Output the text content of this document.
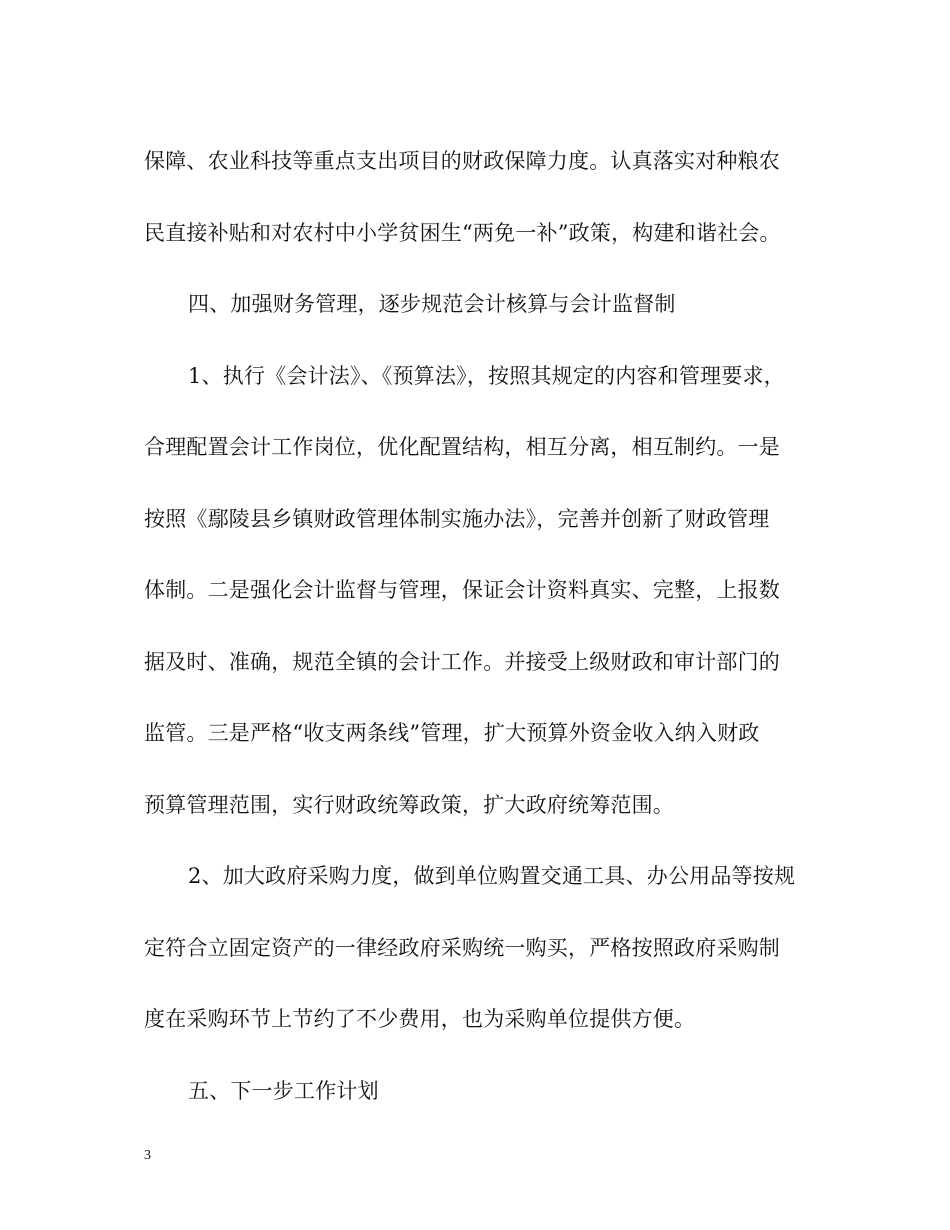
保障、农业科技等重点支出项目的财政保障力度。认真落实对种粮农
民直接补贴和对农村中小学贫困生“两免一补”政策，构建和谐社会。
四、加强财务管理，逐步规范会计核算与会计监督制
1、执行《会计法》、《预算法》，按照其规定的内容和管理要求，
合理配置会计工作岗位，优化配置结构，相互分离，相互制约。一是
按照《鄢陵县乡镇财政管理体制实施办法》，完善并创新了财政管理
体制。二是强化会计监督与管理，保证会计资料真实、完整，上报数
据及时、准确，规范全镇的会计工作。并接受上级财政和审计部门的
监管。三是严格“收支两条线”管理，扩大预算外资金收入纳入财政
预算管理范围，实行财政统筹政策，扩大政府统筹范围。
2、加大政府采购力度，做到单位购置交通工具、办公用品等按规
定符合立固定资产的一律经政府采购统一购买，严格按照政府采购制
度在采购环节上节约了不少费用，也为采购单位提供方便。
五、下一步工作计划
3
